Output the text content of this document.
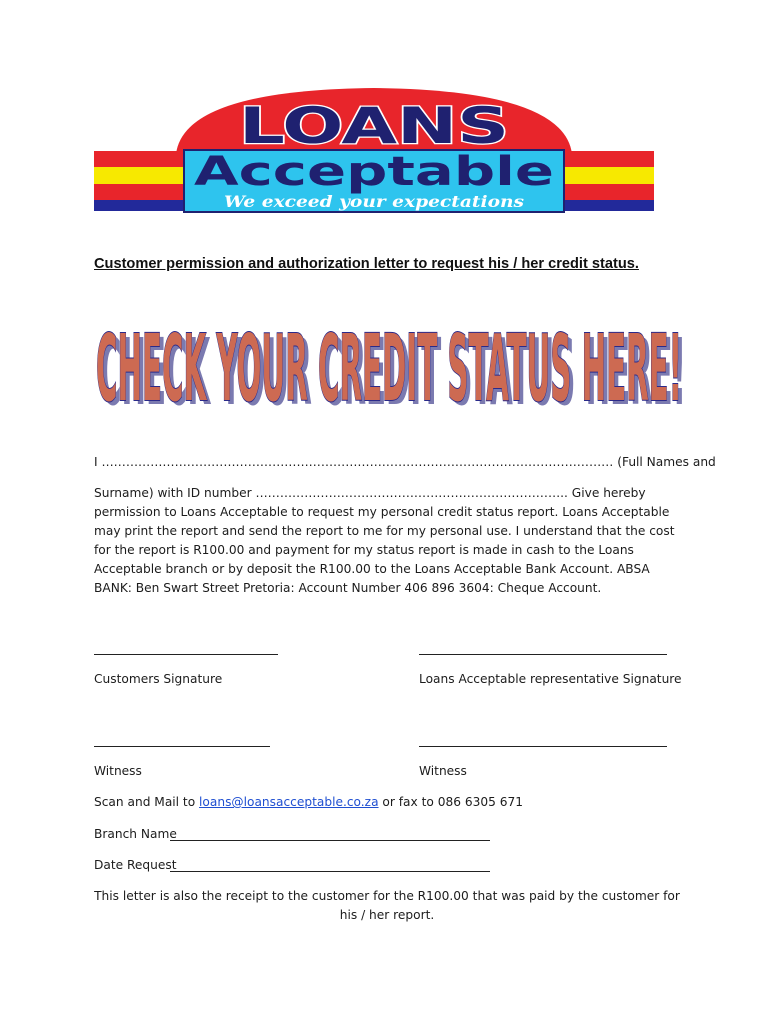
LOANS
Acceptable
We exceed your expectations
Customer permission and authorization letter to request his / her credit status.
CHECK YOUR CREDIT STATUS HERE!
CHECK YOUR CREDIT STATUS HERE!
I ……………………………………………………………………………………………………………… (Full Names and
Surname) with ID number ………………………………………………………………….. Give hereby permission to Loans Acceptable to request my personal credit status report. Loans Acceptable may print the report and send the report to me for my personal use. I understand that the cost for the report is R100.00 and payment for my status report is made in cash to the Loans Acceptable branch or by deposit the R100.00 to the Loans Acceptable Bank Account. ABSA BANK: Ben Swart Street Pretoria: Account Number 406 896 3604: Cheque Account.
Customers Signature	Loans Acceptable representative Signature
Witness	Witness
Scan and Mail to loans@loansacceptable.co.za or fax to 086 6305 671
Branch Name
Date Request
This letter is also the receipt to the customer for the R100.00 that was paid by the customer for his / her report.
